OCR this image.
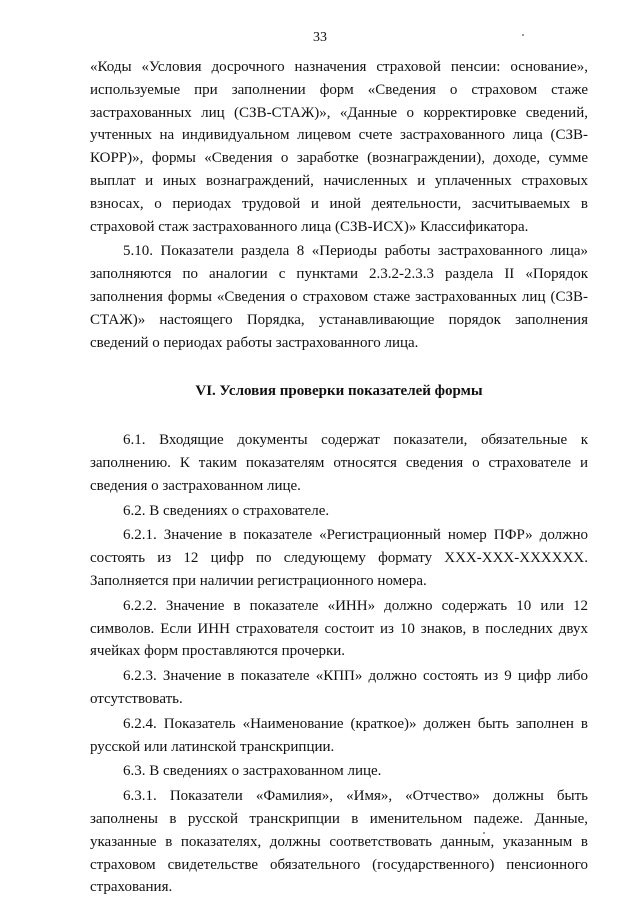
33

«Коды «Условия досрочного назначения страховой пенсии: основание», используемые при заполнении форм «Сведения о страховом стаже застрахованных лиц (СЗВ-СТАЖ)», «Данные о корректировке сведений, учтенных на индивидуальном лицевом счете застрахованного лица (СЗВ-КОРР)», формы «Сведения о заработке (вознаграждении), доходе, сумме выплат и иных вознаграждений, начисленных и уплаченных страховых взносах, о периодах трудовой и иной деятельности, засчитываемых в страховой стаж застрахованного лица (СЗВ-ИСХ)» Классификатора.

5.10. Показатели раздела 8 «Периоды работы застрахованного лица» заполняются по аналогии с пунктами 2.3.2-2.3.3 раздела II «Порядок заполнения формы «Сведения о страховом стаже застрахованных лиц (СЗВ-СТАЖ)» настоящего Порядка, устанавливающие порядок заполнения сведений о периодах работы застрахованного лица.

VI. Условия проверки показателей формы

6.1. Входящие документы содержат показатели, обязательные к заполнению. К таким показателям относятся сведения о страхователе и сведения о застрахованном лице.

6.2. В сведениях о страхователе.

6.2.1. Значение в показателе «Регистрационный номер ПФР» должно состоять из 12 цифр по следующему формату ХХХ-ХХХ-ХХХХХХ. Заполняется при наличии регистрационного номера.

6.2.2. Значение в показателе «ИНН» должно содержать 10 или 12 символов. Если ИНН страхователя состоит из 10 знаков, в последних двух ячейках форм проставляются прочерки.

6.2.3. Значение в показателе «КПП» должно состоять из 9 цифр либо отсутствовать.

6.2.4. Показатель «Наименование (краткое)» должен быть заполнен в русской или латинской транскрипции.

6.3. В сведениях о застрахованном лице.

6.3.1. Показатели «Фамилия», «Имя», «Отчество» должны быть заполнены в русской транскрипции в именительном падеже. Данные, указанные в показателях, должны соответствовать данным, указанным в страховом свидетельстве обязательного (государственного) пенсионного страхования.
